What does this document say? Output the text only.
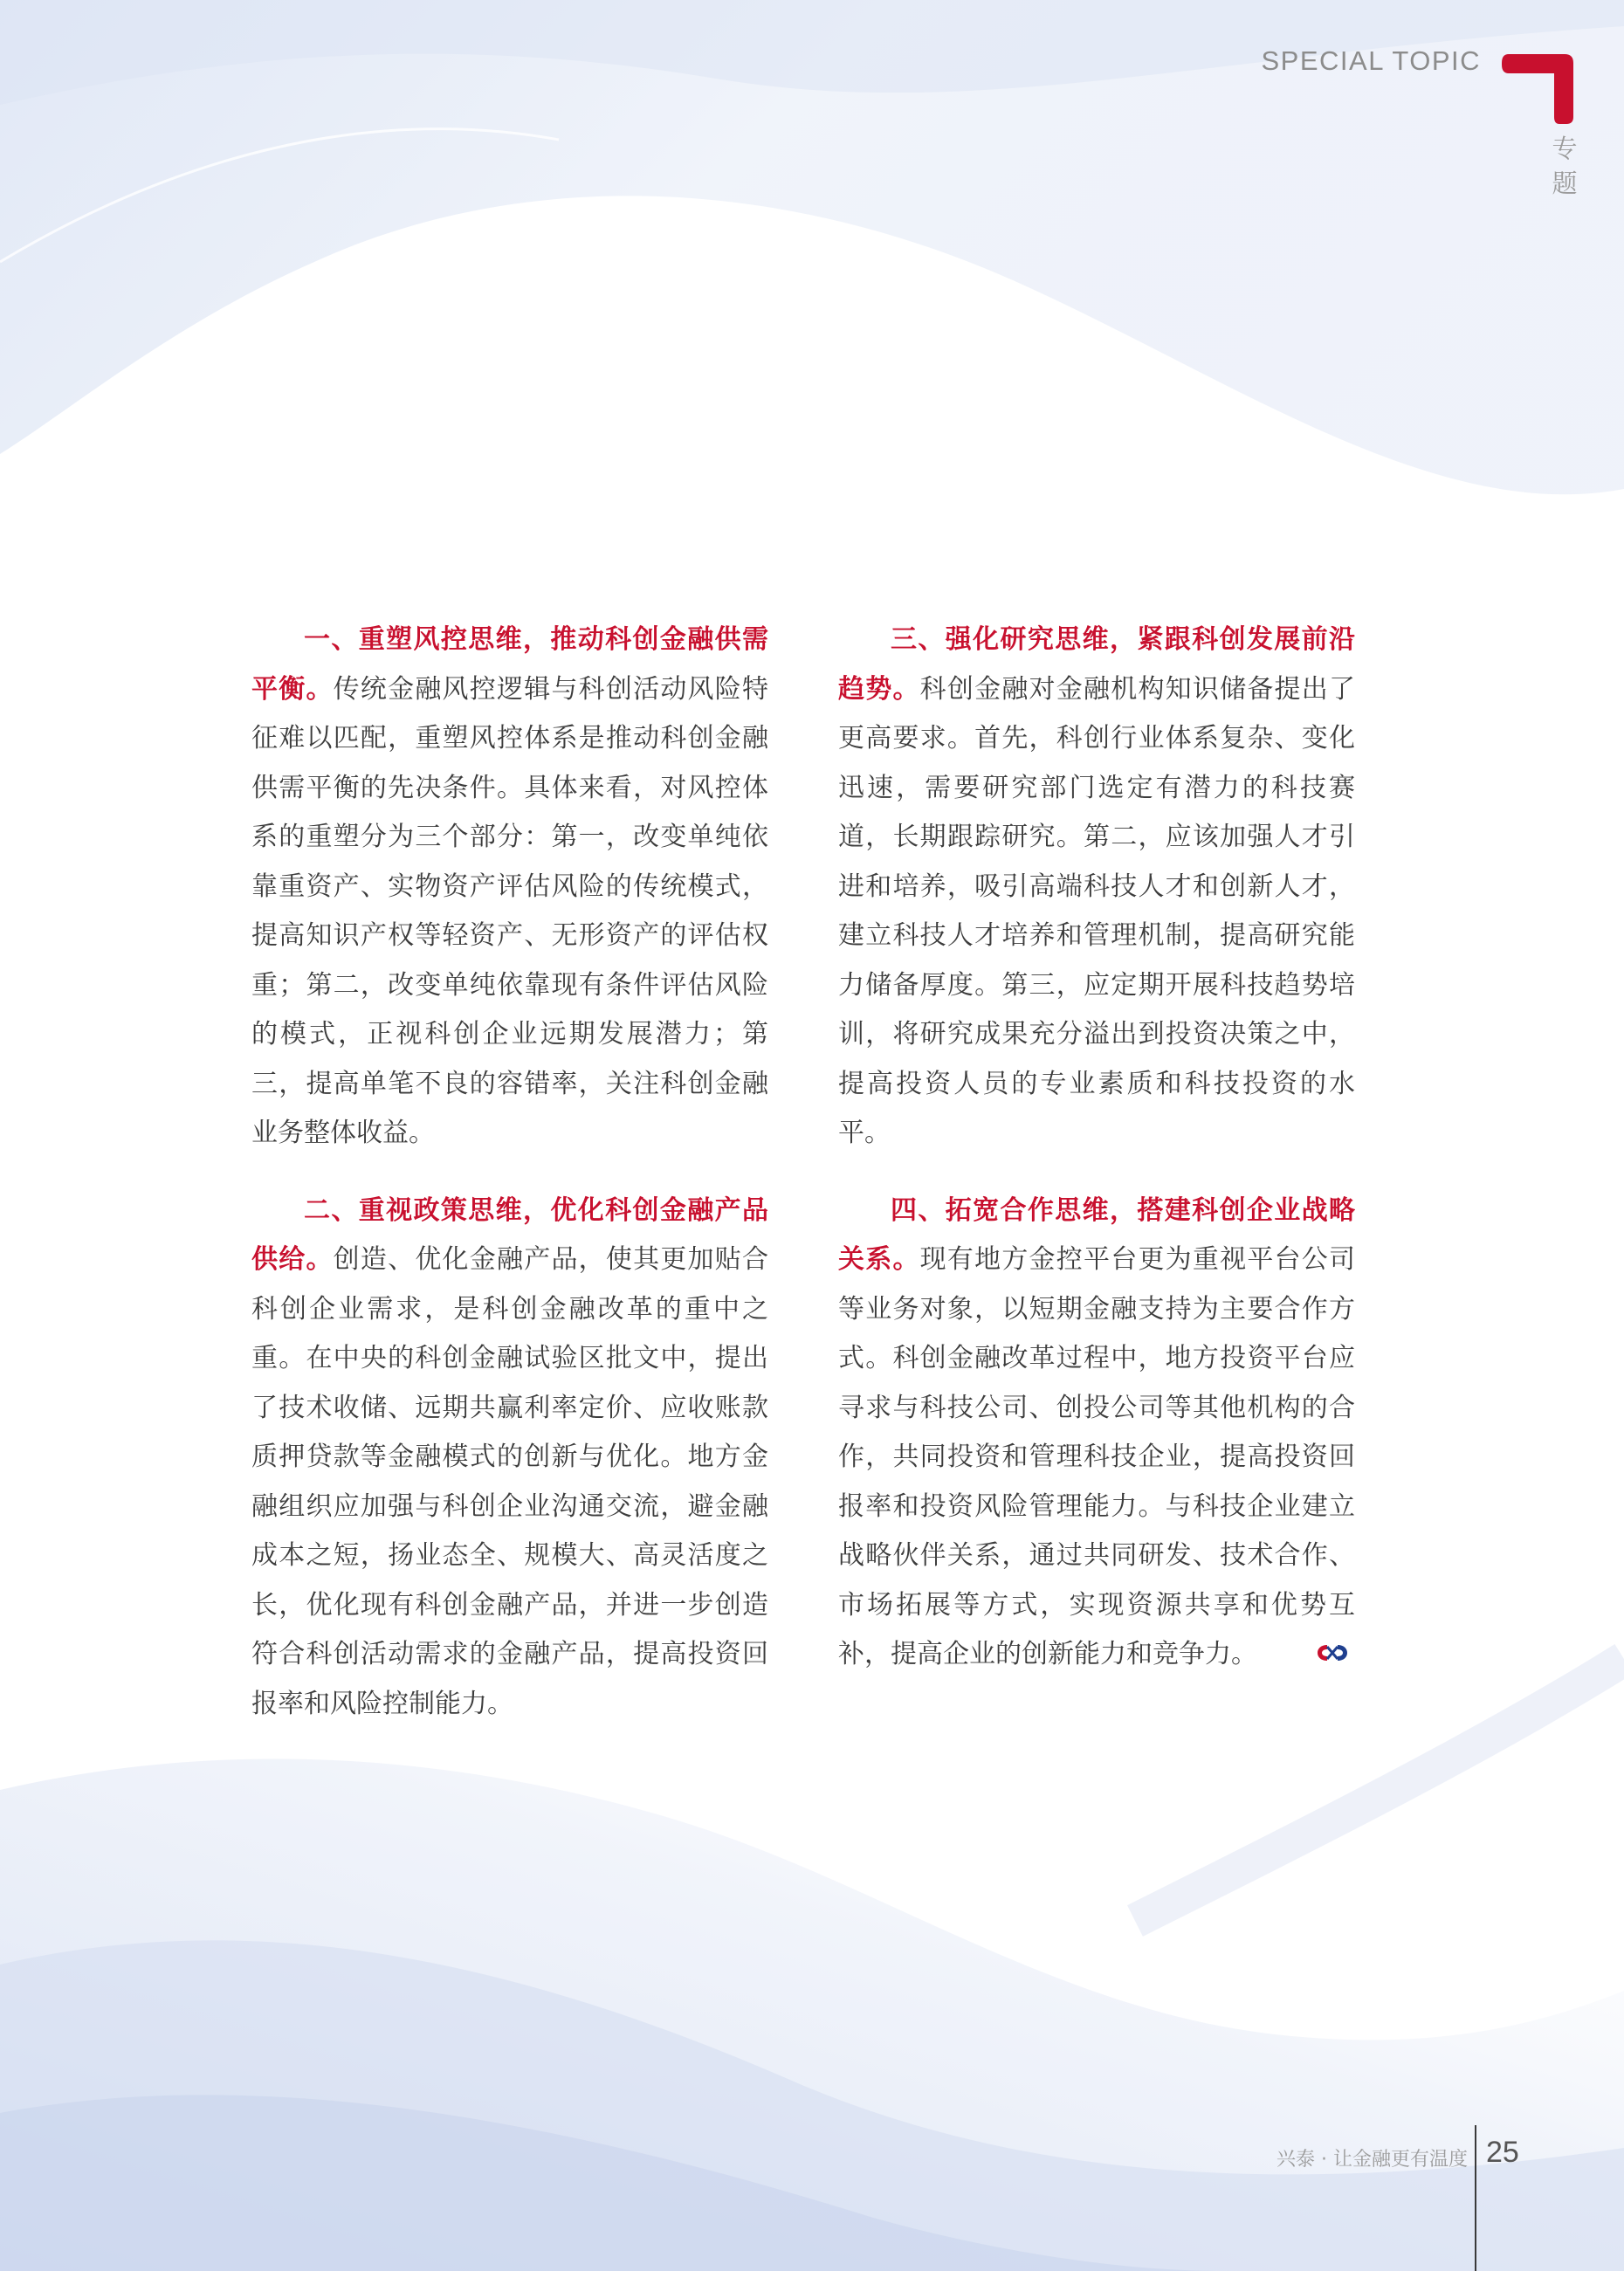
SPECIAL TOPIC
专
题

一、重塑风控思维，推动科创金融供需平衡。传统金融风控逻辑与科创活动风险特征难以匹配，重塑风控体系是推动科创金融供需平衡的先决条件。具体来看，对风控体系的重塑分为三个部分：第一，改变单纯依靠重资产、实物资产评估风险的传统模式，提高知识产权等轻资产、无形资产的评估权重；第二，改变单纯依靠现有条件评估风险的模式，正视科创企业远期发展潜力；第三，提高单笔不良的容错率，关注科创金融业务整体收益。

二、重视政策思维，优化科创金融产品供给。创造、优化金融产品，使其更加贴合科创企业需求，是科创金融改革的重中之重。在中央的科创金融试验区批文中，提出了技术收储、远期共赢利率定价、应收账款质押贷款等金融模式的创新与优化。地方金融组织应加强与科创企业沟通交流，避金融成本之短，扬业态全、规模大、高灵活度之长，优化现有科创金融产品，并进一步创造符合科创活动需求的金融产品，提高投资回报率和风险控制能力。

三、强化研究思维，紧跟科创发展前沿趋势。科创金融对金融机构知识储备提出了更高要求。首先，科创行业体系复杂、变化迅速，需要研究部门选定有潜力的科技赛道，长期跟踪研究。第二，应该加强人才引进和培养，吸引高端科技人才和创新人才，建立科技人才培养和管理机制，提高研究能力储备厚度。第三，应定期开展科技趋势培训，将研究成果充分溢出到投资决策之中，提高投资人员的专业素质和科技投资的水平。

四、拓宽合作思维，搭建科创企业战略关系。现有地方金控平台更为重视平台公司等业务对象，以短期金融支持为主要合作方式。科创金融改革过程中，地方投资平台应寻求与科技公司、创投公司等其他机构的合作，共同投资和管理科技企业，提高投资回报率和投资风险管理能力。与科技企业建立战略伙伴关系，通过共同研发、技术合作、市场拓展等方式，实现资源共享和优势互补，提高企业的创新能力和竞争力。

兴泰 · 让金融更有温度 25
